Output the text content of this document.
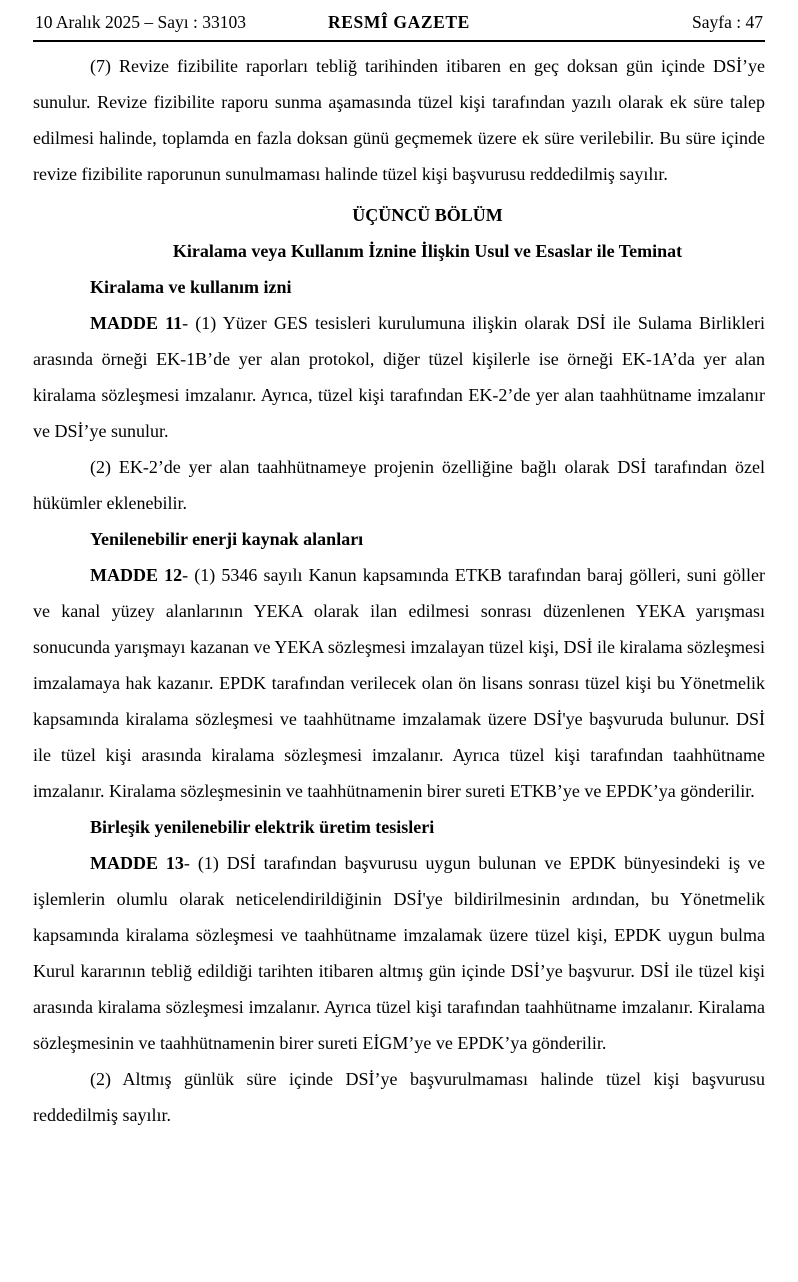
10 Aralık 2025 – Sayı : 33103	RESMÎ GAZETE	Sayfa : 47

(7) Revize fizibilite raporları tebliğ tarihinden itibaren en geç doksan gün içinde DSİ’ye sunulur. Revize fizibilite raporu sunma aşamasında tüzel kişi tarafından yazılı olarak ek süre talep edilmesi halinde, toplamda en fazla doksan günü geçmemek üzere ek süre verilebilir. Bu süre içinde revize fizibilite raporunun sunulmaması halinde tüzel kişi başvurusu reddedilmiş sayılır.

ÜÇÜNCÜ BÖLÜM

Kiralama veya Kullanım İznine İlişkin Usul ve Esaslar ile Teminat

Kiralama ve kullanım izni

MADDE 11- (1) Yüzer GES tesisleri kurulumuna ilişkin olarak DSİ ile Sulama Birlikleri arasında örneği EK-1B’de yer alan protokol, diğer tüzel kişilerle ise örneği EK-1A’da yer alan kiralama sözleşmesi imzalanır. Ayrıca, tüzel kişi tarafından EK-2’de yer alan taahhütname imzalanır ve DSİ’ye sunulur.

(2) EK-2’de yer alan taahhütnameye projenin özelliğine bağlı olarak DSİ tarafından özel hükümler eklenebilir.

Yenilenebilir enerji kaynak alanları

MADDE 12- (1) 5346 sayılı Kanun kapsamında ETKB tarafından baraj gölleri, suni göller ve kanal yüzey alanlarının YEKA olarak ilan edilmesi sonrası düzenlenen YEKA yarışması sonucunda yarışmayı kazanan ve YEKA sözleşmesi imzalayan tüzel kişi, DSİ ile kiralama sözleşmesi imzalamaya hak kazanır. EPDK tarafından verilecek olan ön lisans sonrası tüzel kişi bu Yönetmelik kapsamında kiralama sözleşmesi ve taahhütname imzalamak üzere DSİ'ye başvuruda bulunur. DSİ ile tüzel kişi arasında kiralama sözleşmesi imzalanır. Ayrıca tüzel kişi tarafından taahhütname imzalanır. Kiralama sözleşmesinin ve taahhütnamenin birer sureti ETKB’ye ve EPDK’ya gönderilir.

Birleşik yenilenebilir elektrik üretim tesisleri

MADDE 13- (1) DSİ tarafından başvurusu uygun bulunan ve EPDK bünyesindeki iş ve işlemlerin olumlu olarak neticelendirildiğinin DSİ'ye bildirilmesinin ardından, bu Yönetmelik kapsamında kiralama sözleşmesi ve taahhütname imzalamak üzere tüzel kişi, EPDK uygun bulma Kurul kararının tebliğ edildiği tarihten itibaren altmış gün içinde DSİ’ye başvurur. DSİ ile tüzel kişi arasında kiralama sözleşmesi imzalanır. Ayrıca tüzel kişi tarafından taahhütname imzalanır. Kiralama sözleşmesinin ve taahhütnamenin birer sureti EİGM’ye ve EPDK’ya gönderilir.

(2) Altmış günlük süre içinde DSİ’ye başvurulmaması halinde tüzel kişi başvurusu reddedilmiş sayılır.
